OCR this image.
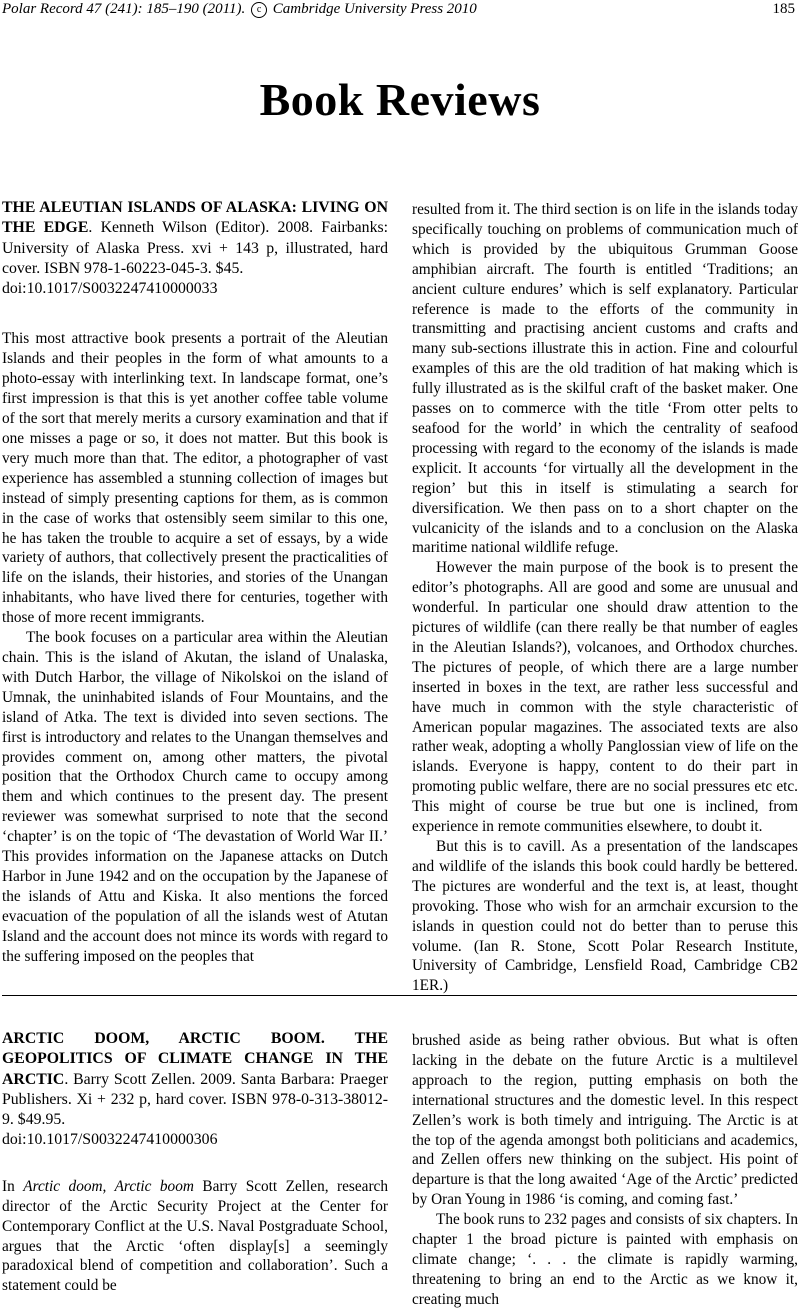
Polar Record 47 (241): 185–190 (2011). c Cambridge University Press 2010	185
Book Reviews
THE ALEUTIAN ISLANDS OF ALASKA: LIVING ON THE EDGE. Kenneth Wilson (Editor). 2008. Fairbanks: University of Alaska Press. xvi + 143 p, illustrated, hard cover. ISBN 978-1-60223-045-3. $45.
doi:10.1017/S0032247410000033

This most attractive book presents a portrait of the Aleutian Islands and their peoples in the form of what amounts to a photo-essay with interlinking text. In landscape format, one’s first impression is that this is yet another coffee table volume of the sort that merely merits a cursory examination and that if one misses a page or so, it does not matter. But this book is very much more than that. The editor, a photographer of vast experience has assembled a stunning collection of images but instead of simply presenting captions for them, as is common in the case of works that ostensibly seem similar to this one, he has taken the trouble to acquire a set of essays, by a wide variety of authors, that collectively present the practicalities of life on the islands, their histories, and stories of the Unangan inhabitants, who have lived there for centuries, together with those of more recent immigrants.

The book focuses on a particular area within the Aleutian chain. This is the island of Akutan, the island of Unalaska, with Dutch Harbor, the village of Nikolskoi on the island of Umnak, the uninhabited islands of Four Mountains, and the island of Atka. The text is divided into seven sections. The first is introductory and relates to the Unangan themselves and provides comment on, among other matters, the pivotal position that the Orthodox Church came to occupy among them and which continues to the present day. The present reviewer was somewhat surprised to note that the second ‘chapter’ is on the topic of ‘The devastation of World War II.’ This provides information on the Japanese attacks on Dutch Harbor in June 1942 and on the occupation by the Japanese of the islands of Attu and Kiska. It also mentions the forced evacuation of the population of all the islands west of Atutan Island and the account does not mince its words with regard to the suffering imposed on the peoples that

resulted from it. The third section is on life in the islands today specifically touching on problems of communication much of which is provided by the ubiquitous Grumman Goose amphibian aircraft. The fourth is entitled ‘Traditions; an ancient culture endures’ which is self explanatory. Particular reference is made to the efforts of the community in transmitting and practising ancient customs and crafts and many sub-sections illustrate this in action. Fine and colourful examples of this are the old tradition of hat making which is fully illustrated as is the skilful craft of the basket maker. One passes on to commerce with the title ‘From otter pelts to seafood for the world’ in which the centrality of seafood processing with regard to the economy of the islands is made explicit. It accounts ‘for virtually all the development in the region’ but this in itself is stimulating a search for diversification. We then pass on to a short chapter on the vulcanicity of the islands and to a conclusion on the Alaska maritime national wildlife refuge.

However the main purpose of the book is to present the editor’s photographs. All are good and some are unusual and wonderful. In particular one should draw attention to the pictures of wildlife (can there really be that number of eagles in the Aleutian Islands?), volcanoes, and Orthodox churches. The pictures of people, of which there are a large number inserted in boxes in the text, are rather less successful and have much in common with the style characteristic of American popular magazines. The associated texts are also rather weak, adopting a wholly Panglossian view of life on the islands. Everyone is happy, content to do their part in promoting public welfare, there are no social pressures etc etc. This might of course be true but one is inclined, from experience in remote communities elsewhere, to doubt it.

But this is to cavill. As a presentation of the landscapes and wildlife of the islands this book could hardly be bettered. The pictures are wonderful and the text is, at least, thought provoking. Those who wish for an armchair excursion to the islands in question could not do better than to peruse this volume. (Ian R. Stone, Scott Polar Research Institute, University of Cambridge, Lensfield Road, Cambridge CB2 1ER.)

ARCTIC DOOM, ARCTIC BOOM. THE GEOPOLITICS OF CLIMATE CHANGE IN THE ARCTIC. Barry Scott Zellen. 2009. Santa Barbara: Praeger Publishers. Xi + 232 p, hard cover. ISBN 978-0-313-38012-9. $49.95.
doi:10.1017/S0032247410000306

In Arctic doom, Arctic boom Barry Scott Zellen, research director of the Arctic Security Project at the Center for Contemporary Conflict at the U.S. Naval Postgraduate School, argues that the Arctic ‘often display[s] a seemingly paradoxical blend of competition and collaboration’. Such a statement could be

brushed aside as being rather obvious. But what is often lacking in the debate on the future Arctic is a multilevel approach to the region, putting emphasis on both the international structures and the domestic level. In this respect Zellen’s work is both timely and intriguing. The Arctic is at the top of the agenda amongst both politicians and academics, and Zellen offers new thinking on the subject. His point of departure is that the long awaited ‘Age of the Arctic’ predicted by Oran Young in 1986 ‘is coming, and coming fast.’

The book runs to 232 pages and consists of six chapters. In chapter 1 the broad picture is painted with emphasis on climate change; ‘. . . the climate is rapidly warming, threatening to bring an end to the Arctic as we know it, creating much
